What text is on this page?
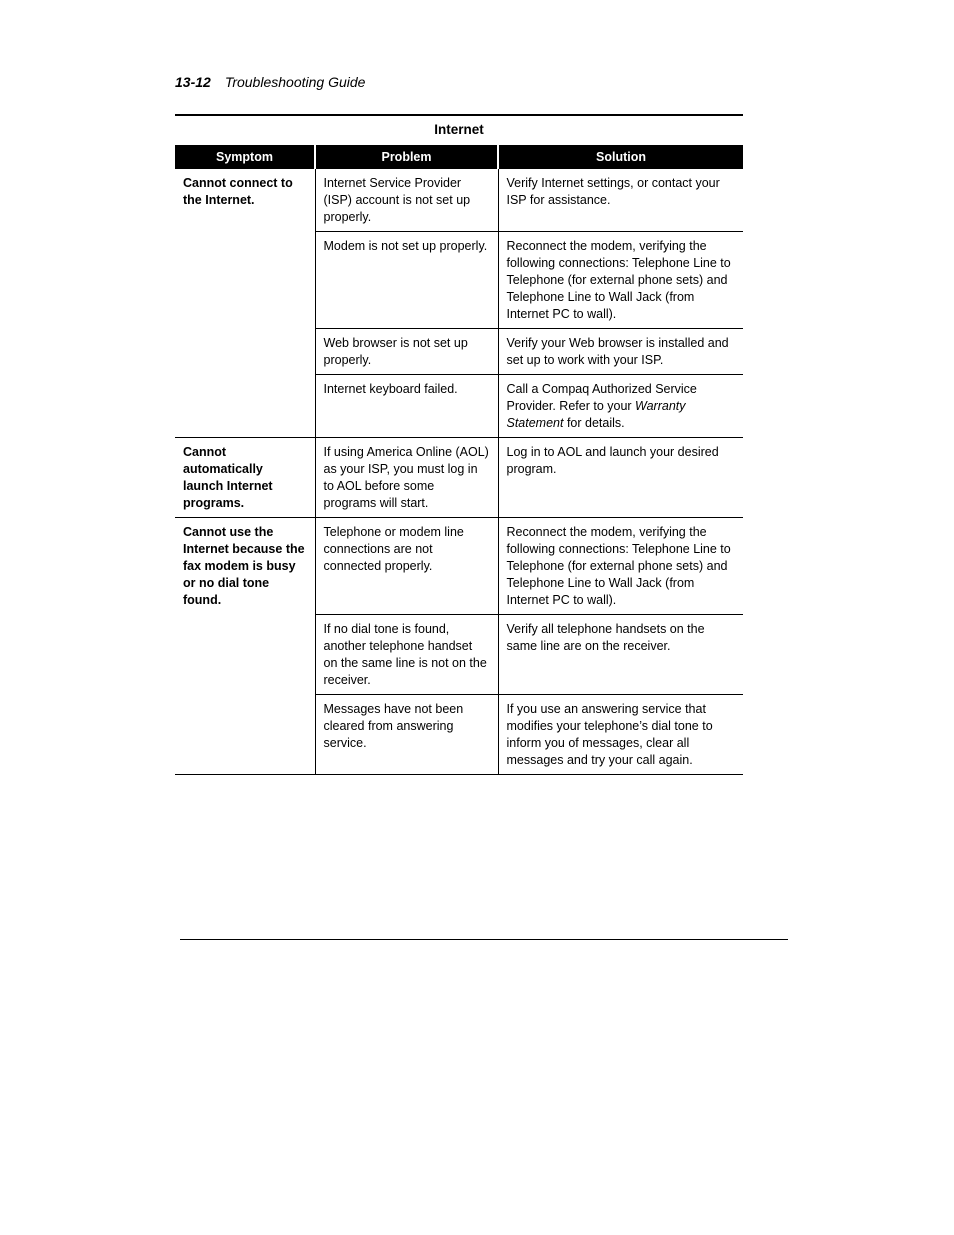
13-12 Troubleshooting Guide
Internet
Symptom	Problem	Solution
Cannot connect to the Internet.	Internet Service Provider (ISP) account is not set up properly.	Verify Internet settings, or contact your ISP for assistance.
	Modem is not set up properly.	Reconnect the modem, verifying the following connections: Telephone Line to Telephone (for external phone sets) and Telephone Line to Wall Jack (from Internet PC to wall).
	Web browser is not set up properly.	Verify your Web browser is installed and set up to work with your ISP.
	Internet keyboard failed.	Call a Compaq Authorized Service Provider. Refer to your Warranty Statement for details.
Cannot automatically launch Internet programs.	If using America Online (AOL) as your ISP, you must log in to AOL before some programs will start.	Log in to AOL and launch your desired program.
Cannot use the Internet because the fax modem is busy or no dial tone found.	Telephone or modem line connections are not connected properly.	Reconnect the modem, verifying the following connections: Telephone Line to Telephone (for external phone sets) and Telephone Line to Wall Jack (from Internet PC to wall).
	If no dial tone is found, another telephone handset on the same line is not on the receiver.	Verify all telephone handsets on the same line are on the receiver.
	Messages have not been cleared from answering service.	If you use an answering service that modifies your telephone’s dial tone to inform you of messages, clear all messages and try your call again.
